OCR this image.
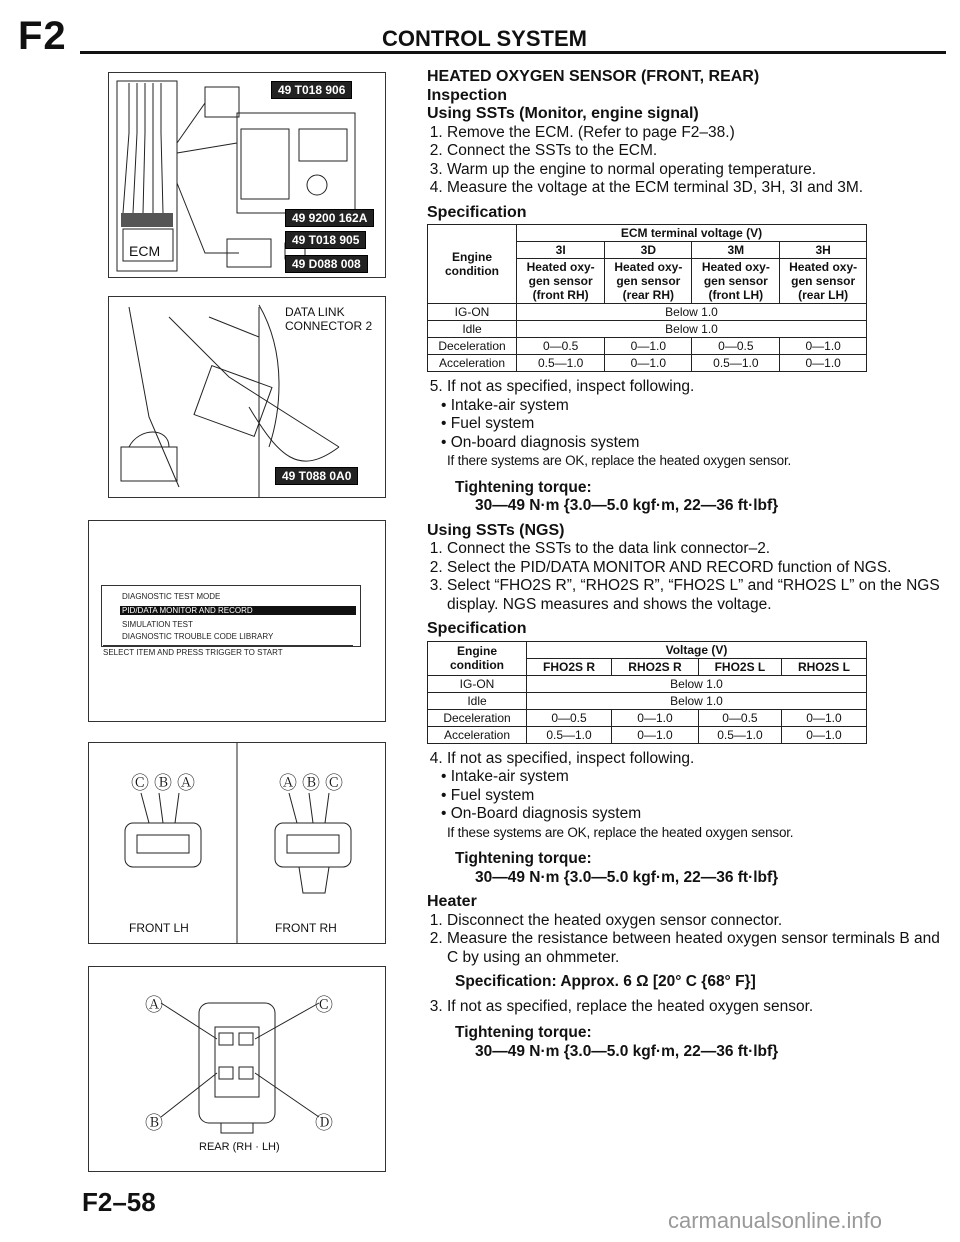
F2	CONTROL SYSTEM
ECM
49 T018 906
49 9200 162A
49 T018 905
49 D088 008
DATA LINK
CONNECTOR 2
49 T088 0A0
DIAGNOSTIC TEST MODE
PID/DATA MONITOR AND RECORD
SIMULATION TEST
DIAGNOSTIC TROUBLE CODE LIBRARY
SELECT ITEM AND PRESS TRIGGER TO START
Ⓒ Ⓑ Ⓐ	Ⓐ Ⓑ Ⓒ
FRONT LH	FRONT RH
Ⓐ	Ⓒ
Ⓑ	Ⓓ
REAR (RH · LH)
HEATED OXYGEN SENSOR (FRONT, REAR)
Inspection
Using SSTs (Monitor, engine signal)
1. Remove the ECM. (Refer to page F2–38.)
2. Connect the SSTs to the ECM.
3. Warm up the engine to normal operating temperature.
4. Measure the voltage at the ECM terminal 3D, 3H, 3I and 3M.
Specification
Engine condition	ECM terminal voltage (V)			
	3I	3D	3M	3H
	Heated oxy-gen sensor (front RH)	Heated oxy-gen sensor (rear RH)	Heated oxy-gen sensor (front LH)	Heated oxy-gen sensor (rear LH)
IG-ON	Below 1.0			
Idle	Below 1.0			
Deceleration	0—0.5	0—1.0	0—0.5	0—1.0
Acceleration	0.5—1.0	0—1.0	0.5—1.0	0—1.0
5. If not as specified, inspect following.
• Intake-air system
• Fuel system
• On-board diagnosis system
If there systems are OK, replace the heated oxygen sensor.
Tightening torque:
30—49 N·m {3.0—5.0 kgf·m, 22—36 ft·lbf}
Using SSTs (NGS)
1. Connect the SSTs to the data link connector–2.
2. Select the PID/DATA MONITOR AND RECORD function of NGS.
3. Select “FHO2S R”, “RHO2S R”, “FHO2S L” and “RHO2S L” on the NGS display. NGS measures and shows the voltage.
Specification
Engine condition	Voltage (V)			
	FHO2S R	RHO2S R	FHO2S L	RHO2S L
IG-ON	Below 1.0			
Idle	Below 1.0			
Deceleration	0—0.5	0—1.0	0—0.5	0—1.0
Acceleration	0.5—1.0	0—1.0	0.5—1.0	0—1.0
4. If not as specified, inspect following.
• Intake-air system
• Fuel system
• On-Board diagnosis system
If these systems are OK, replace the heated oxygen sensor.
Tightening torque:
30—49 N·m {3.0—5.0 kgf·m, 22—36 ft·lbf}
Heater
1. Disconnect the heated oxygen sensor connector.
2. Measure the resistance between heated oxygen sensor terminals B and C by using an ohmmeter.
Specification: Approx. 6 Ω [20° C {68° F}]
3. If not as specified, replace the heated oxygen sensor.
Tightening torque:
30—49 N·m {3.0—5.0 kgf·m, 22—36 ft·lbf}
F2–58
carmanualsonline.info
